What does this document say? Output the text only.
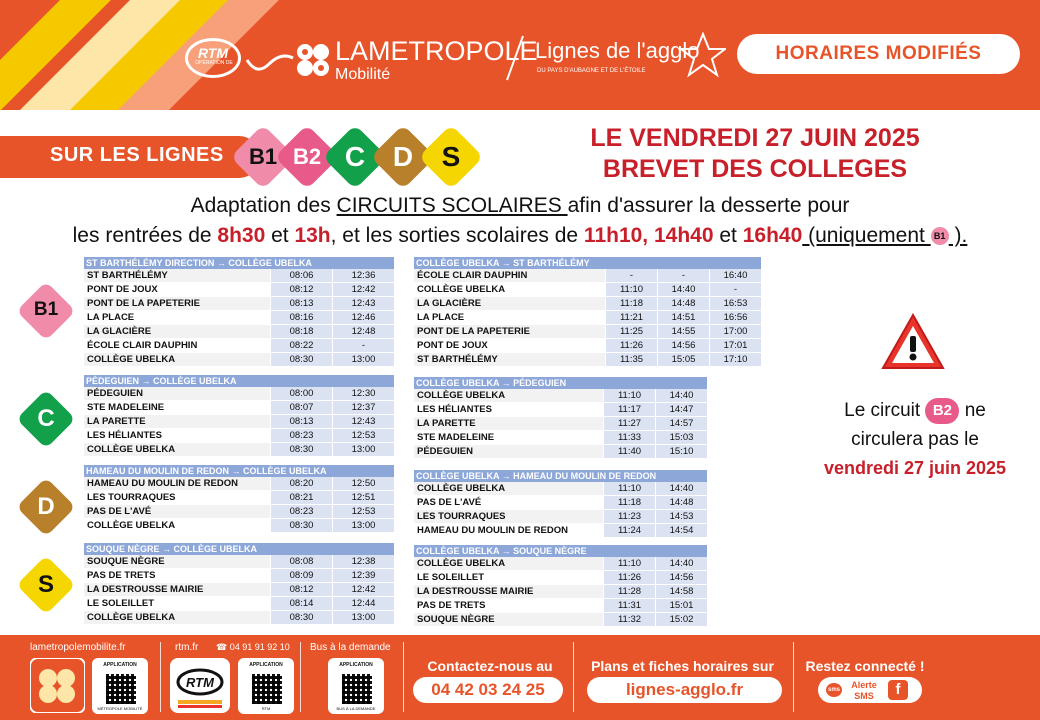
RTM
OPÉRATION DE	LAMETROPOLE
Mobilité
Lignes de l'agglo
DU PAYS D'AUBAGNE ET DE L'ÉTOILE
HORAIRES MODIFIÉS
SUR LES LIGNES	B1 B2 C D	S
LE VENDREDI 27 JUIN 2025
BREVET DES COLLEGES
Adaptation des CIRCUITS SCOLAIRES afin d'assurer la desserte pour
les rentrées de 8h30 et 13h, et les sorties scolaires de 11h10, 14h40 et 16h40 (uniquement B1 ).
B1
C
D
S
ST BARTHÉLÉMY DIRECTION → COLLÈGE UBELKA
ST BARTHÉLÉMY	08:06	12:36
PONT DE JOUX	08:12	12:42
PONT DE LA PAPETERIE	08:13	12:43
LA PLACE	08:16	12:46
LA GLACIÈRE	08:18	12:48
ÉCOLE CLAIR DAUPHIN	08:22	-
COLLÈGE UBELKA	08:30	13:00
PÉDEGUIEN → COLLÈGE UBELKA
PÉDEGUIEN	08:00	12:30
STE MADELEINE	08:07	12:37
LA PARETTE	08:13	12:43
LES HÉLIANTES	08:23	12:53
COLLÈGE UBELKA	08:30	13:00
HAMEAU DU MOULIN DE REDON → COLLÈGE UBELKA
HAMEAU DU MOULIN DE REDON	08:20	12:50
LES TOURRAQUES	08:21	12:51
PAS DE L'AVÉ	08:23	12:53
COLLÈGE UBELKA	08:30	13:00
SOUQUE NÈGRE → COLLÈGE UBELKA
SOUQUE NÈGRE	08:08	12:38
PAS DE TRETS	08:09	12:39
LA DESTROUSSE MAIRIE	08:12	12:42
LE SOLEILLET	08:14	12:44
COLLÈGE UBELKA	08:30	13:00
COLLÈGE UBELKA → ST BARTHÉLÉMY
ÉCOLE CLAIR DAUPHIN	-	-	16:40
COLLÈGE UBELKA	11:10	14:40	-
LA GLACIÈRE	11:18	14:48	16:53
LA PLACE	11:21	14:51	16:56
PONT DE LA PAPETERIE	11:25	14:55	17:00
PONT DE JOUX	11:26	14:56	17:01
ST BARTHÉLÉMY	11:35	15:05	17:10
COLLÈGE UBELKA → PÉDEGUIEN
COLLÈGE UBELKA	11:10	14:40
LES HÉLIANTES	11:17	14:47
LA PARETTE	11:27	14:57
STE MADELEINE	11:33	15:03
PÉDEGUIEN	11:40	15:10
COLLÈGE UBELKA → HAMEAU DU MOULIN DE REDON
COLLÈGE UBELKA	11:10	14:40
PAS DE L'AVÉ	11:18	14:48
LES TOURRAQUES	11:23	14:53
HAMEAU DU MOULIN DE REDON	11:24	14:54
COLLÈGE UBELKA → SOUQUE NÈGRE
COLLÈGE UBELKA	11:10	14:40
LE SOLEILLET	11:26	14:56
LA DESTROUSSE MAIRIE	11:28	14:58
PAS DE TRETS	11:31	15:01
SOUQUE NÈGRE	11:32	15:02
Le circuit B2 ne
circulera pas le
vendredi 27 juin 2025
lametropolemobilite.fr	rtm.fr ☎ 04 91 91 92 10 Bus à la demande
APPLICATION
MÉTROPOLE MOBILITÉ
RTM
APPLICATION
RTM
APPLICATION
BUS À LA DEMANDE
Contactez-nous au
04 42 03 24 25
Plans et fiches horaires sur
lignes-agglo.fr
Restez connecté !
sms	Alerte SMS	f
